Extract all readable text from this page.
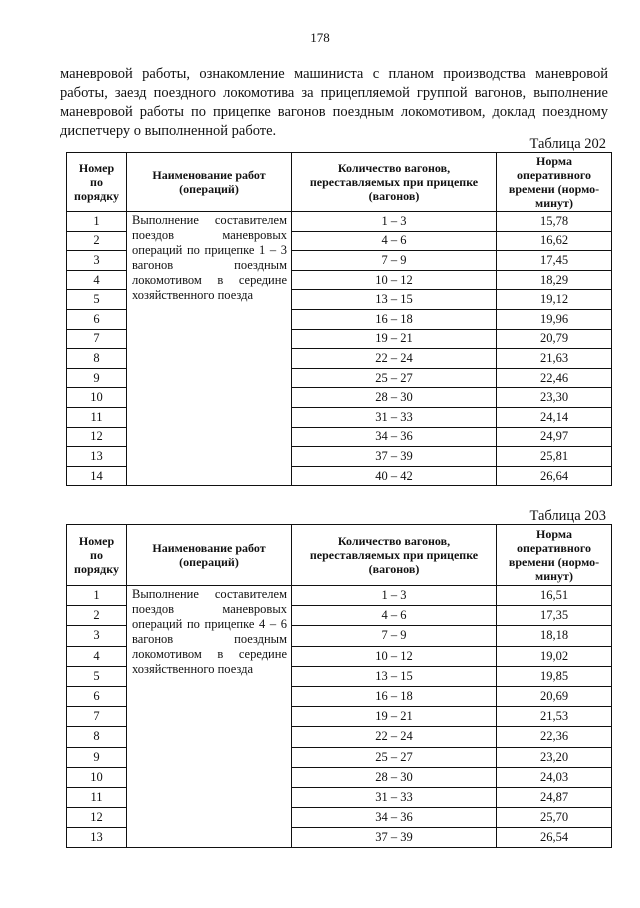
178

маневровой работы, ознакомление машиниста с планом производства маневровой работы, заезд поездного локомотива за прицепляемой группой вагонов, выполнение маневровой работы по прицепке вагонов поездным локомотивом, доклад поездному диспетчеру о выполненной работе.

Таблица 202
Номер по порядку	Наименование работ (операций)	Количество вагонов, переставляемых при прицепке (вагонов)	Норма оперативного времени (нормо-минут)
1	Выполнение составителем поездов маневровых операций по прицепке 1 – 3 вагонов поездным локомотивом в середине хозяйственного поезда	1 – 3	15,78
2		4 – 6	16,62
3		7 – 9	17,45
4		10 – 12	18,29
5		13 – 15	19,12
6		16 – 18	19,96
7		19 – 21	20,79
8		22 – 24	21,63
9		25 – 27	22,46
10		28 – 30	23,30
11		31 – 33	24,14
12		34 – 36	24,97
13		37 – 39	25,81
14		40 – 42	26,64
Таблица 203
Номер по порядку	Наименование работ (операций)	Количество вагонов, переставляемых при прицепке (вагонов)	Норма оперативного времени (нормо-минут)
1	Выполнение составителем поездов маневровых операций по прицепке 4 – 6 вагонов поездным локомотивом в середине хозяйственного поезда	1 – 3	16,51
2		4 – 6	17,35
3		7 – 9	18,18
4		10 – 12	19,02
5		13 – 15	19,85
6		16 – 18	20,69
7		19 – 21	21,53
8		22 – 24	22,36
9		25 – 27	23,20
10		28 – 30	24,03
11		31 – 33	24,87
12		34 – 36	25,70
13		37 – 39	26,54
